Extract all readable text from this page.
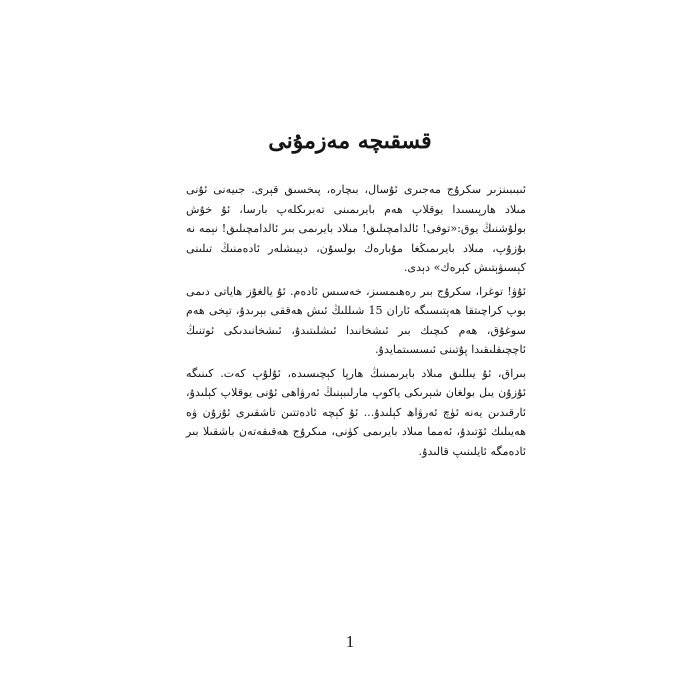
قسقىچە مەزمۇنى

ئىبىبىنزىر سكرۇج مەجىرى ئۇسال، بىچارە، پىخسىق قېرى. جىيەنى ئۇنى مىلاد ھارپىسىدا يوقلاپ ھەم بايرىمىنى تەبرىكلەپ بارسا، ئۇ خۇش بولۇشنىڭ يوق:«توفى! ئالدامچىلىق! مىلاد بايرىمى بىر ئالدامچىلىق! نېمە نە بۇزۇپ، مىلاد بايرىمىڭغا مۇبارەك بولسۇن، دېيىشلەر ئادەمنىڭ تىلىنى كېسىۋېتىش كېرەك» دېدى.

ئۇۋ! توغرا، سكرۇج بىر رەھىمسىز، خەسىس ئادەم. ئۇ يالغۇز ھاياتى دىمى بوپ كراچىتقا ھەپتىسىگە ئاران 15 شىللىڭ ئىش ھەققى بېرىدۇ، تېخى ھەم سوغۇق، ھەم كىچىك بىر ئىشخانىدا ئىشلىتىدۇ، ئىشخانىدىكى ئوتنىڭ ئاچچىقلىقىدا پۇتىنى ئىسسىتمايدۇ.

بىراق، ئۇ يىللىق مىلاد بايرىمىنىڭ ھارپا كېچىسىدە، ئۇلۇپ كەت. كىنىگە ئۇزۇن يىل بولغان شېرىكى ياكوپ مارلىبېنىڭ ئەرۋاھى ئۇنى يوقلاپ كېلىدۇ، ئارقىدىن يەنە ئۈچ ئەرۋاھ كېلىدۇ... ئۇ كېچە ئادەتتىن تاشقىرى ئۇزۇن ۋە ھەيىلىك ئۆتىدۇ، ئەمما مىلاد بايرىمى كۈنى، مىكرۇج ھەقىقەتەن باشقىلا بىر ئادەمگە ئايلىنىپ قالىدۇ.

1
